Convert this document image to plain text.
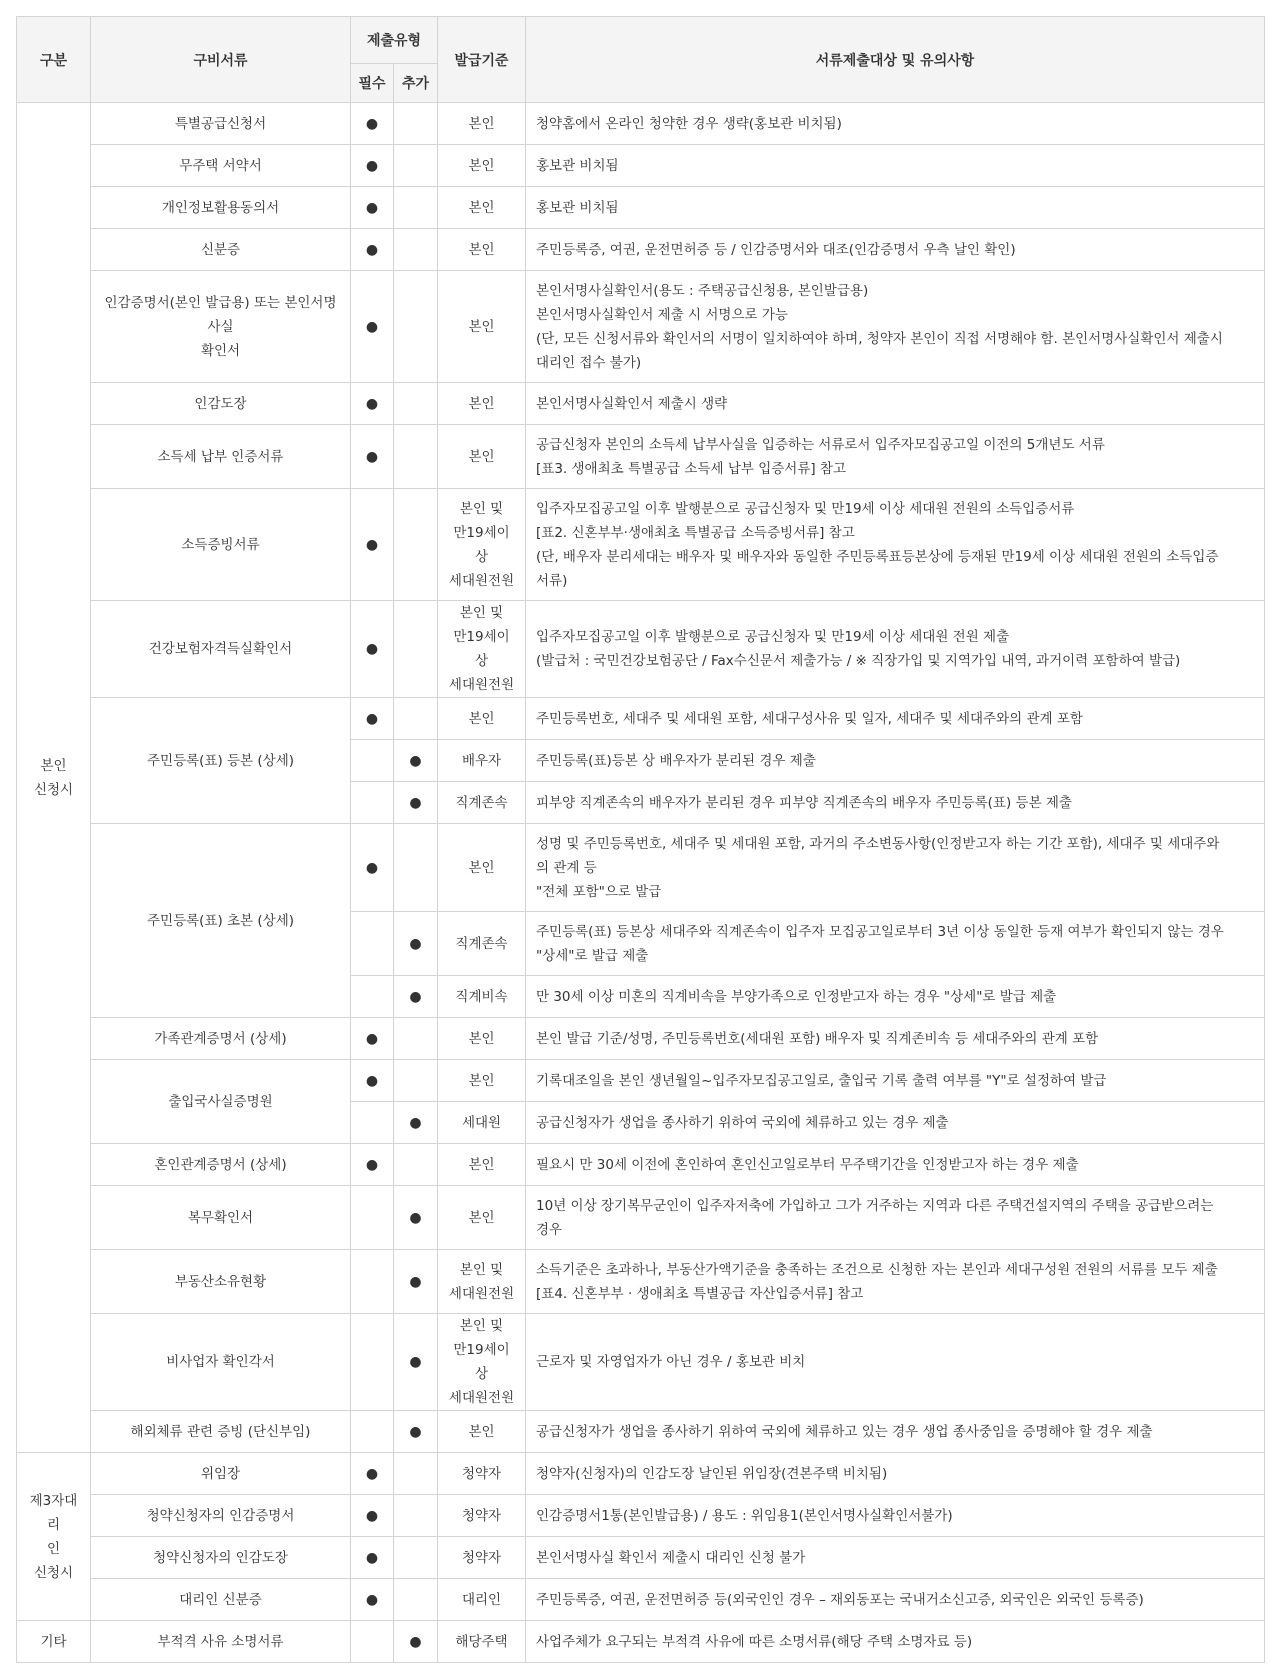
구분	구비서류	제출유형		발급기준	서류제출대상 및 유의사항
		필수	추가		

본인
신청시	특별공급신청서	●		본인	청약홈에서 온라인 청약한 경우 생략(홍보관 비치됨)

	무주택 서약서	●		본인	홍보관 비치됨

	개인정보활용동의서	●		본인	홍보관 비치됨

	신분증	●		본인	주민등록증, 여권, 운전면허증 등 / 인감증명서와 대조(인감증명서 우측 날인 확인)

	인감증명서(본인 발급용) 또는 본인서명사실
확인서	●		본인	본인서명사실확인서(용도 : 주택공급신청용, 본인발급용)
본인서명사실확인서 제출 시 서명으로 가능
(단, 모든 신청서류와 확인서의 서명이 일치하여야 하며, 청약자 본인이 직접 서명해야 함. 본인서명사실확인서 제출시
대리인 접수 불가)

	인감도장	●		본인	본인서명사실확인서 제출시 생략

	소득세 납부 인증서류	●		본인	공급신청자 본인의 소득세 납부사실을 입증하는 서류로서 입주자모집공고일 이전의 5개년도 서류
[표3. 생애최초 특별공급 소득세 납부 입증서류] 참고

	소득증빙서류	●		본인 및
만19세이상
세대원전원	입주자모집공고일 이후 발행분으로 공급신청자 및 만19세 이상 세대원 전원의 소득입증서류
[표2. 신혼부부·생애최초 특별공급 소득증빙서류] 참고
(단, 배우자 분리세대는 배우자 및 배우자와 동일한 주민등록표등본상에 등재된 만19세 이상 세대원 전원의 소득입증
서류)

	건강보험자격득실확인서	●		본인 및
만19세이상
세대원전원	입주자모집공고일 이후 발행분으로 공급신청자 및 만19세 이상 세대원 전원 제출
(발급처 : 국민건강보험공단 / Fax수신문서 제출가능 / ※ 직장가입 및 지역가입 내역, 과거이력 포함하여 발급)

	주민등록(표) 등본 (상세)	●		본인	주민등록번호, 세대주 및 세대원 포함, 세대구성사유 및 일자, 세대주 및 세대주와의 관계 포함

			●	배우자	주민등록(표)등본 상 배우자가 분리된 경우 제출

			●	직계존속	피부양 직계존속의 배우자가 분리된 경우 피부양 직계존속의 배우자 주민등록(표) 등본 제출

	주민등록(표) 초본 (상세)	●		본인	성명 및 주민등록번호, 세대주 및 세대원 포함, 과거의 주소변동사항(인정받고자 하는 기간 포함), 세대주 및 세대주와
의 관계 등
"전체 포함"으로 발급

			●	직계존속	주민등록(표) 등본상 세대주와 직계존속이 입주자 모집공고일로부터 3년 이상 동일한 등재 여부가 확인되지 않는 경우
"상세"로 발급 제출

			●	직계비속	만 30세 이상 미혼의 직계비속을 부양가족으로 인정받고자 하는 경우 "상세"로 발급 제출

	가족관계증명서 (상세)	●		본인	본인 발급 기준/성명, 주민등록번호(세대원 포함) 배우자 및 직계존비속 등 세대주와의 관계 포함

	출입국사실증명원	●		본인	기록대조일을 본인 생년월일~입주자모집공고일로, 출입국 기록 출력 여부를 "Y"로 설정하여 발급

			●	세대원	공급신청자가 생업을 종사하기 위하여 국외에 체류하고 있는 경우 제출

	혼인관계증명서 (상세)	●		본인	필요시 만 30세 이전에 혼인하여 혼인신고일로부터 무주택기간을 인정받고자 하는 경우 제출

	복무확인서		●	본인	10년 이상 장기복무군인이 입주자저축에 가입하고 그가 거주하는 지역과 다른 주택건설지역의 주택을 공급받으려는
경우

	부동산소유현황		●	본인 및
세대원전원	소득기준은 초과하나, 부동산가액기준을 충족하는 조건으로 신청한 자는 본인과 세대구성원 전원의 서류를 모두 제출
[표4. 신혼부부 · 생애최초 특별공급 자산입증서류] 참고

	비사업자 확인각서		●	본인 및
만19세이상
세대원전원	근로자 및 자영업자가 아닌 경우 / 홍보관 비치

	해외체류 관련 증빙 (단신부임)		●	본인	공급신청자가 생업을 종사하기 위하여 국외에 체류하고 있는 경우 생업 종사중임을 증명해야 할 경우 제출

제3자대리
인
신청시	위임장	●		청약자	청약자(신청자)의 인감도장 날인된 위임장(견본주택 비치됨)

	청약신청자의 인감증명서	●		청약자	인감증명서1통(본인발급용) / 용도 : 위임용1(본인서명사실확인서불가)

	청약신청자의 인감도장	●		청약자	본인서명사실 확인서 제출시 대리인 신청 불가

	대리인 신분증	●		대리인	주민등록증, 여권, 운전면허증 등(외국인인 경우 – 재외동포는 국내거소신고증, 외국인은 외국인 등록증)

기타	부적격 사유 소명서류		●	해당주택	사업주체가 요구되는 부적격 사유에 따른 소명서류(해당 주택 소명자료 등)
